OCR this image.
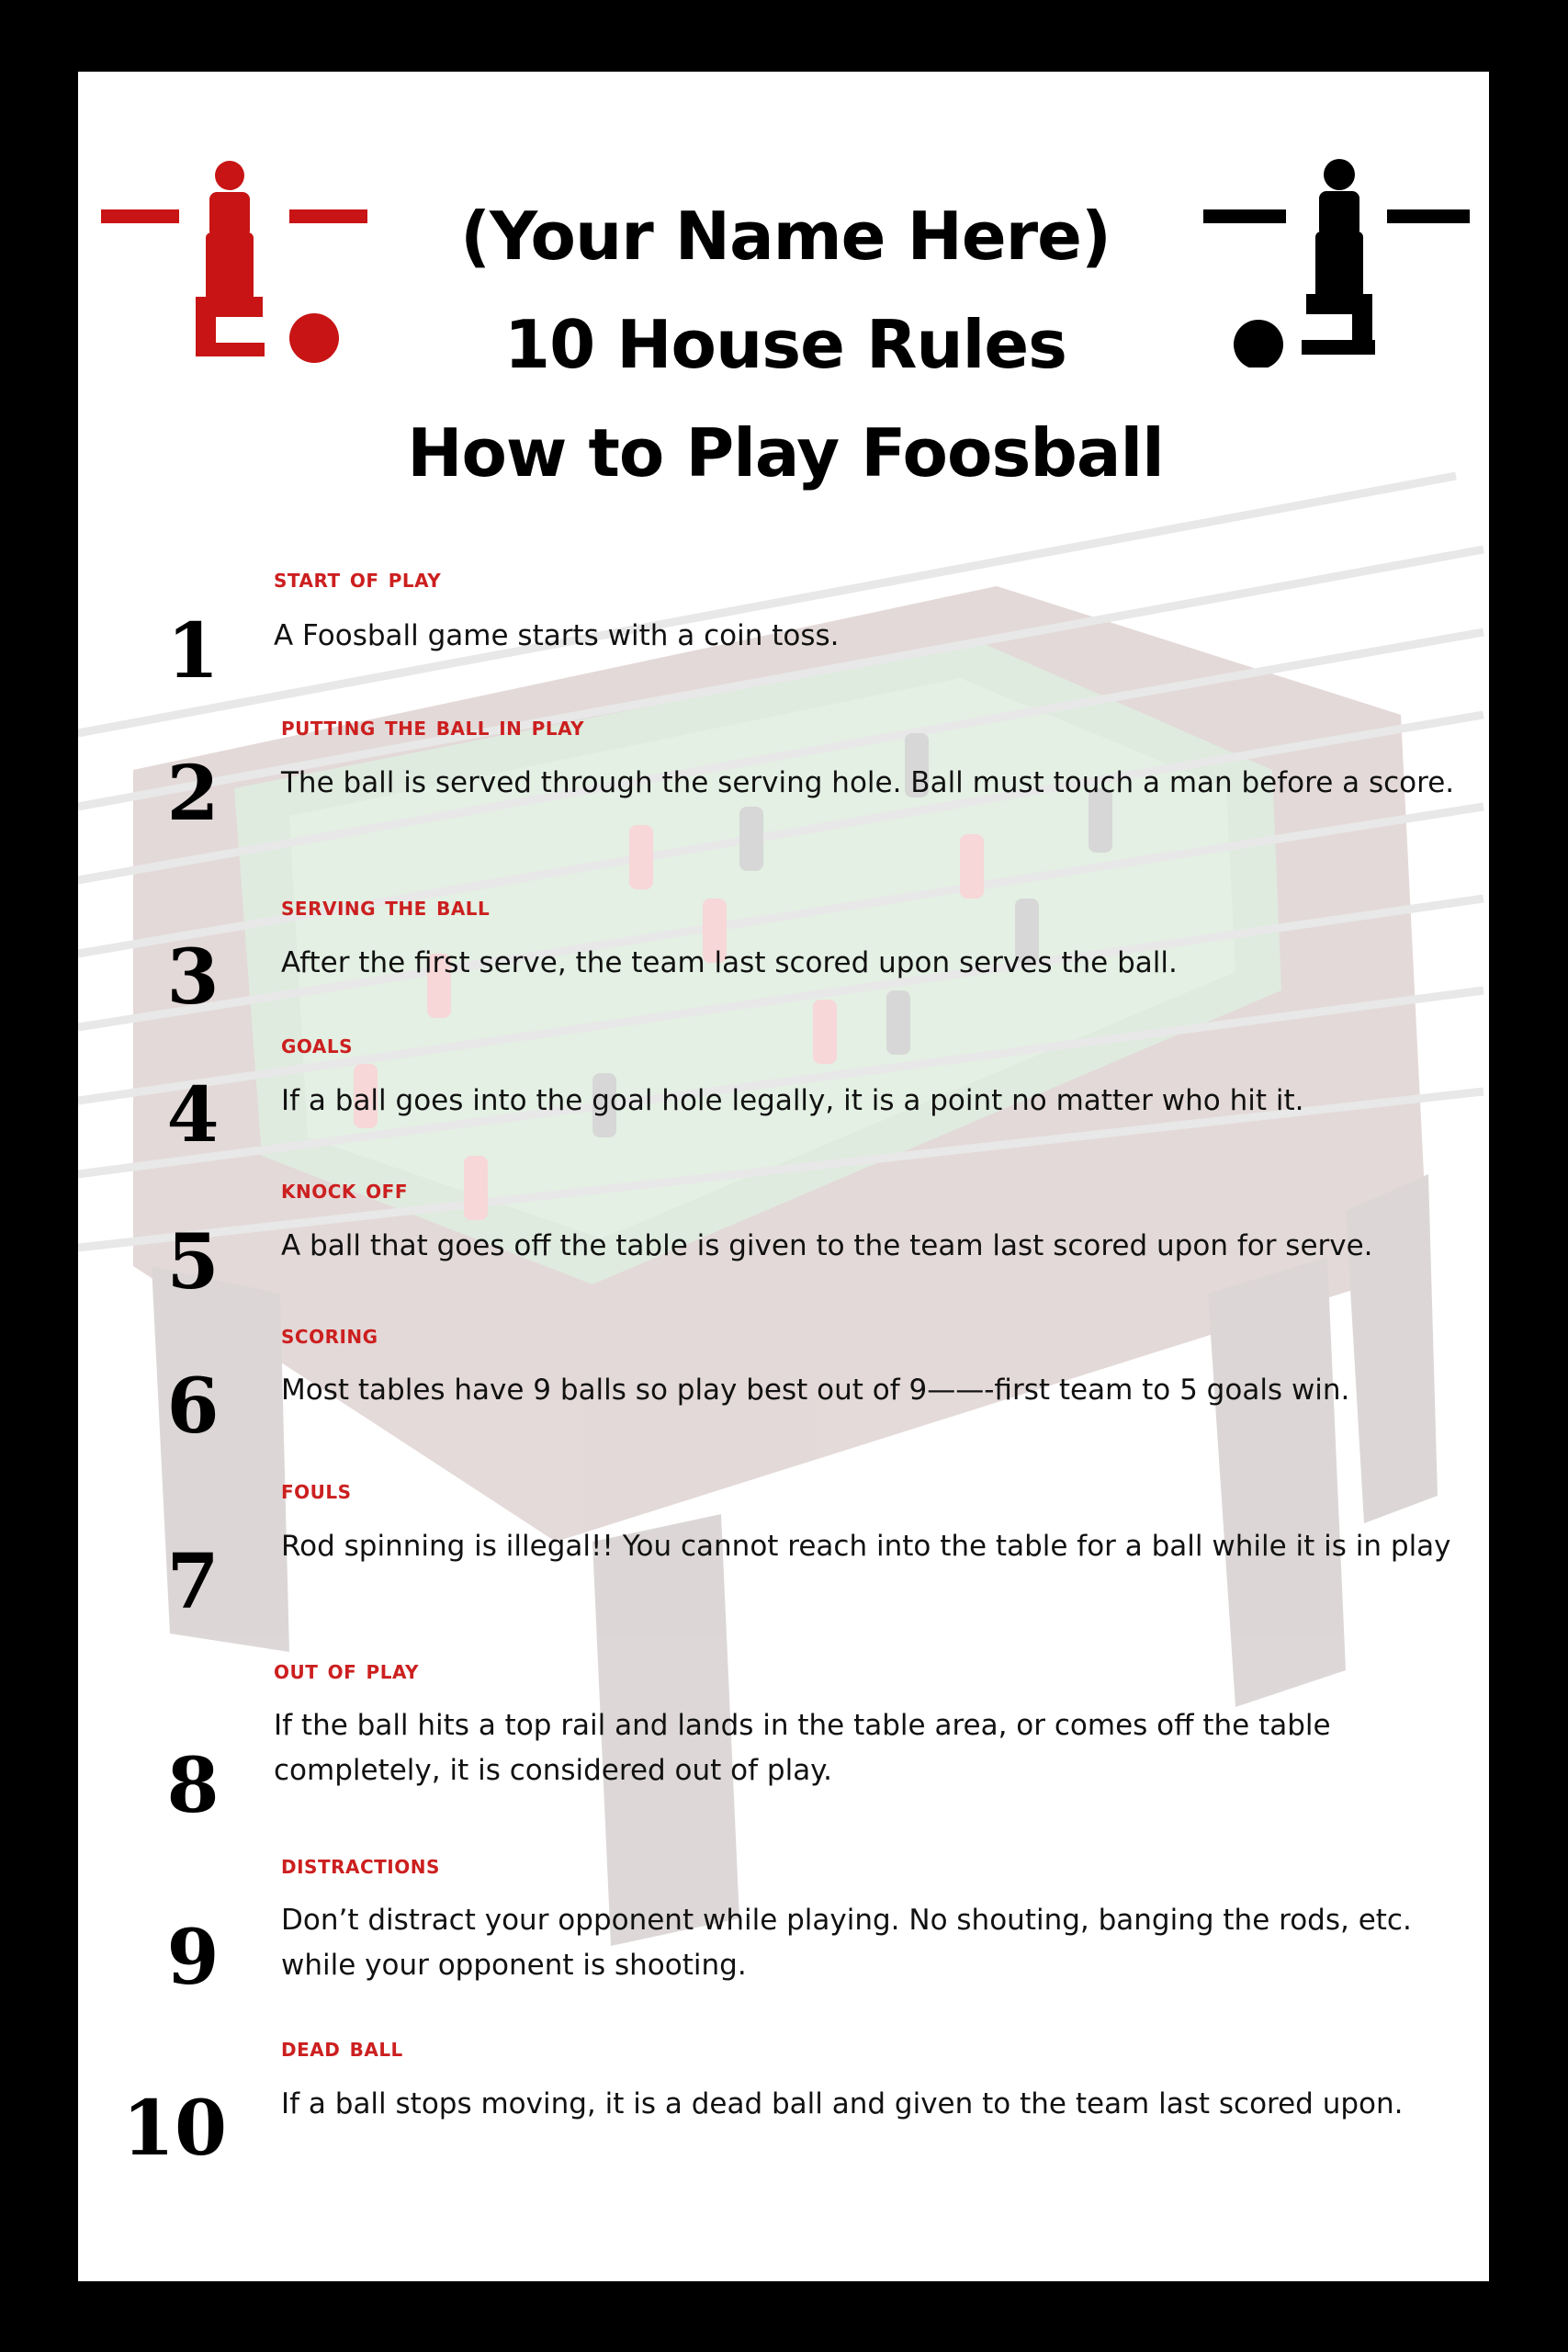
(Your Name Here)
10 House Rules
How to Play Foosball
1
start of play
A Foosball game starts with a coin toss.
2
putting the ball in play
The ball is served through the serving hole. Ball must touch a man before a score.
3
serving the ball
After the first serve, the team last scored upon serves the ball.
4
goals
If a ball goes into the goal hole legally, it is a point no matter who hit it.
5
knock off
A ball that goes off the table is given to the team last scored upon for serve.
6
scoring
Most tables have 9 balls so play best out of 9——-first team to 5 goals win.
7
fouls
Rod spinning is illegal!! You cannot reach into the table for a ball while it is in play
8
out of play
If the ball hits a top rail and lands in the table area, or comes off the table completely, it is considered out of play.
9
distractions
Don’t distract your opponent while playing. No shouting, banging the rods, etc. while your opponent is shooting.
10
dead ball
If a ball stops moving, it is a dead ball and given to the team last scored upon.
